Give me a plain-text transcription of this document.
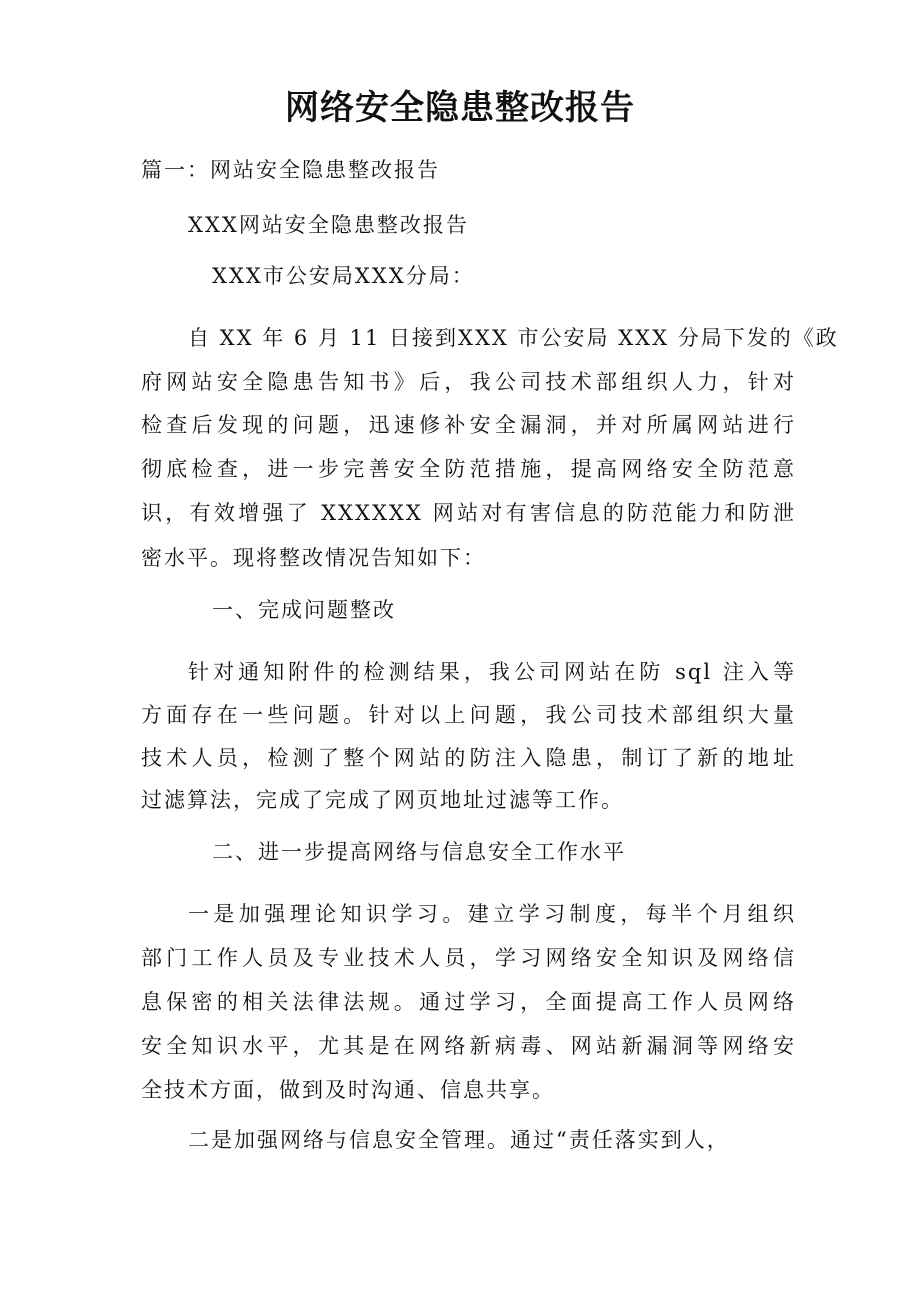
网络安全隐患整改报告
篇一：网站安全隐患整改报告
XXX网站安全隐患整改报告
XXX市公安局XXX分局：
自 XX 年 6 月 11 日接到XXX 市公安局 XXX 分局下发的《政
府网站安全隐患告知书》后，我公司技术部组织人力，针对
检查后发现的问题，迅速修补安全漏洞，并对所属网站进行
彻底检查，进一步完善安全防范措施，提高网络安全防范意
识，有效增强了 XXXXXX 网站对有害信息的防范能力和防泄
密水平。现将整改情况告知如下：
一、完成问题整改
针对通知附件的检测结果，我公司网站在防 sql 注入等
方面存在一些问题。针对以上问题，我公司技术部组织大量
技术人员，检测了整个网站的防注入隐患，制订了新的地址
过滤算法，完成了完成了网页地址过滤等工作。
二、进一步提高网络与信息安全工作水平
一是加强理论知识学习。建立学习制度，每半个月组织
部门工作人员及专业技术人员，学习网络安全知识及网络信
息保密的相关法律法规。通过学习，全面提高工作人员网络
安全知识水平，尤其是在网络新病毒、网站新漏洞等网络安
全技术方面，做到及时沟通、信息共享。
二是加强网络与信息安全管理。通过“责任落实到人，
